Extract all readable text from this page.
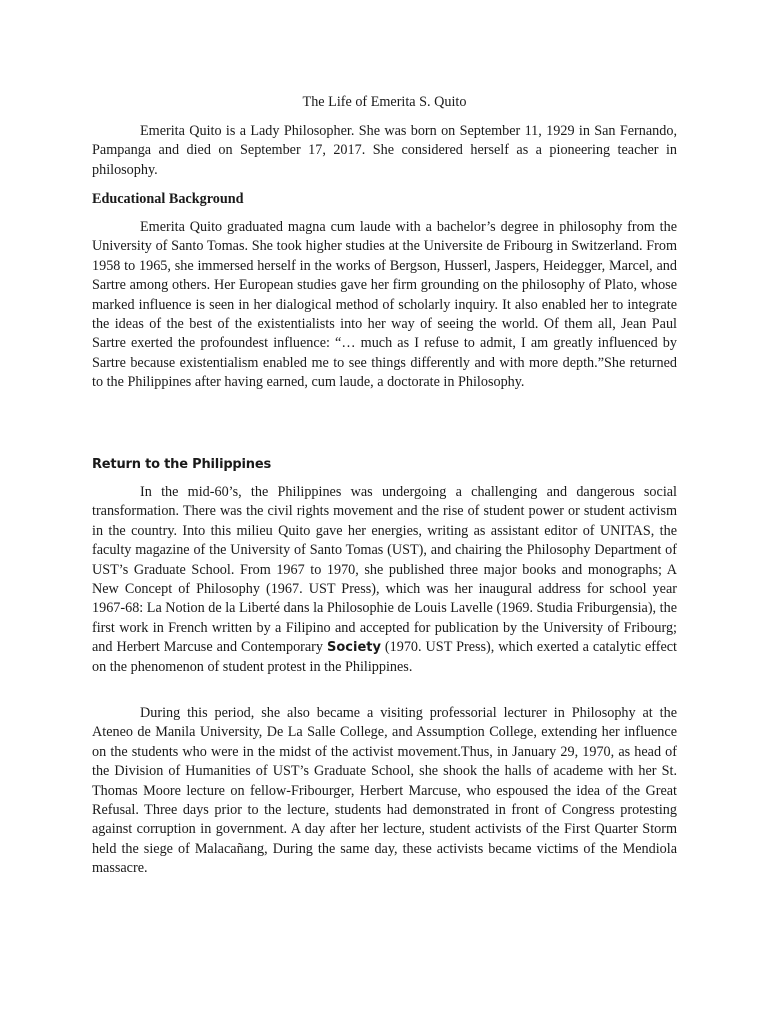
The Life of Emerita S. Quito

Emerita Quito is a Lady Philosopher. She was born on September 11, 1929 in San Fernando, Pampanga and died on September 17, 2017. She considered herself as a pioneering teacher in philosophy.

Educational Background

Emerita Quito graduated magna cum laude with a bachelor’s degree in philosophy from the University of Santo Tomas. She took higher studies at the Universite de Fribourg in Switzerland. From 1958 to 1965, she immersed herself in the works of Bergson, Husserl, Jaspers, Heidegger, Marcel, and Sartre among others. Her European studies gave her firm grounding on the philosophy of Plato, whose marked influence is seen in her dialogical method of scholarly inquiry. It also enabled her to integrate the ideas of the best of the existentialists into her way of seeing the world. Of them all, Jean Paul Sartre exerted the profoundest influence: “… much as I refuse to admit, I am greatly influenced by Sartre because existentialism enabled me to see things differently and with more depth.”She returned to the Philippines after having earned, cum laude, a doctorate in Philosophy.

Return to the Philippines

In the mid-60’s, the Philippines was undergoing a challenging and dangerous social transformation. There was the civil rights movement and the rise of student power or student activism in the country. Into this milieu Quito gave her energies, writing as assistant editor of UNITAS, the faculty magazine of the University of Santo Tomas (UST), and chairing the Philosophy Department of UST’s Graduate School. From 1967 to 1970, she published three major books and monographs; A New Concept of Philosophy (1967. UST Press), which was her inaugural address for school year 1967-68: La Notion de la Liberté dans la Philosophie de Louis Lavelle (1969. Studia Friburgensia), the first work in French written by a Filipino and accepted for publication by the University of Fribourg; and Herbert Marcuse and Contemporary Society (1970. UST Press), which exerted a catalytic effect on the phenomenon of student protest in the Philippines.

During this period, she also became a visiting professorial lecturer in Philosophy at the Ateneo de Manila University, De La Salle College, and Assumption College, extending her influence on the students who were in the midst of the activist movement.Thus, in January 29, 1970, as head of the Division of Humanities of UST’s Graduate School, she shook the halls of academe with her St. Thomas Moore lecture on fellow-Fribourger, Herbert Marcuse, who espoused the idea of the Great Refusal. Three days prior to the lecture, students had demonstrated in front of Congress protesting against corruption in government. A day after her lecture, student activists of the First Quarter Storm held the siege of Malacañang, During the same day, these activists became victims of the Mendiola massacre.
